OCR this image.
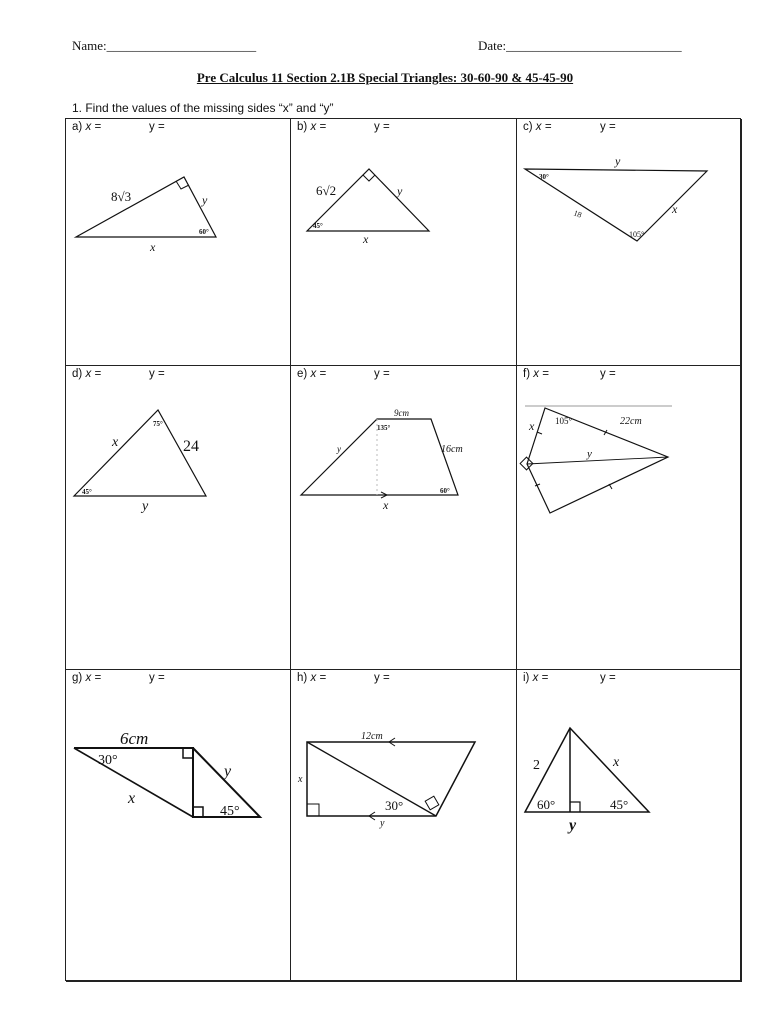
Name:_______________________	Date:___________________________
Pre Calculus 11 Section 2.1B Special Triangles: 30-60-90 & 45-45-90
1. Find the values of the missing sides “x” and “y”
a) x =	y =
8√3	y
x
60°
b) x =	y =
6√2	y
x
45°
c) x =	y =
y
18	x
30°
105°
d) x =	y =
x	24
y
75°
45°
e) x =	y =
9cm
16cm
y
x
135°
60°
f) x =	y =
x 105°	22cm
y
g) x =	y =
6cm
30°
x
y
45°
h) x =	y =
12cm
x
30°
y
i) x =	y =
2	x
60°	45°
y
